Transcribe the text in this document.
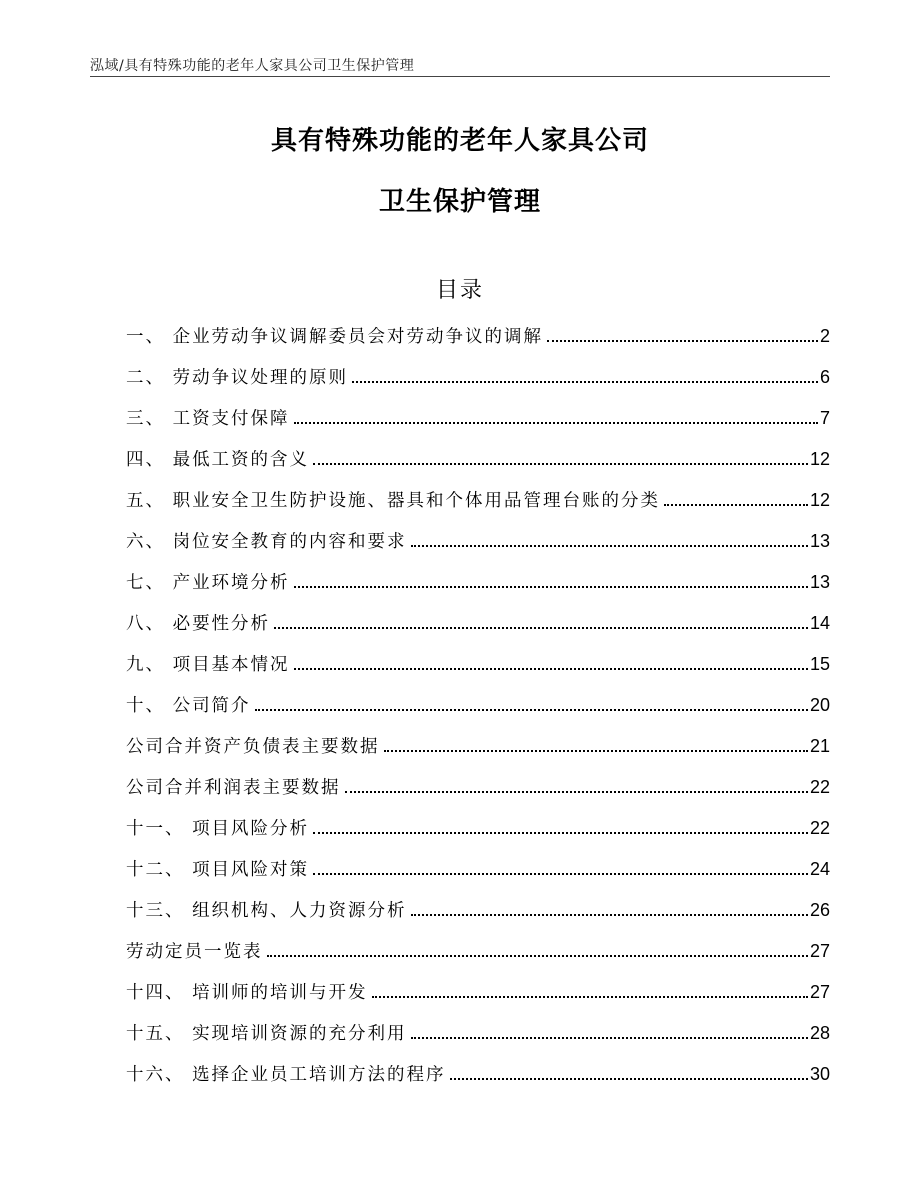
泓域/具有特殊功能的老年人家具公司卫生保护管理
具有特殊功能的老年人家具公司
卫生保护管理
目录
一、 企业劳动争议调解委员会对劳动争议的调解	2
二、 劳动争议处理的原则	6
三、 工资支付保障	7
四、 最低工资的含义	12
五、 职业安全卫生防护设施、器具和个体用品管理台账的分类	12
六、 岗位安全教育的内容和要求	13
七、 产业环境分析	13
八、 必要性分析	14
九、 项目基本情况	15
十、 公司简介	20
公司合并资产负债表主要数据	21
公司合并利润表主要数据	22
十一、 项目风险分析	22
十二、 项目风险对策	24
十三、 组织机构、人力资源分析	26
劳动定员一览表	27
十四、 培训师的培训与开发	27
十五、 实现培训资源的充分利用	28
十六、 选择企业员工培训方法的程序	30
